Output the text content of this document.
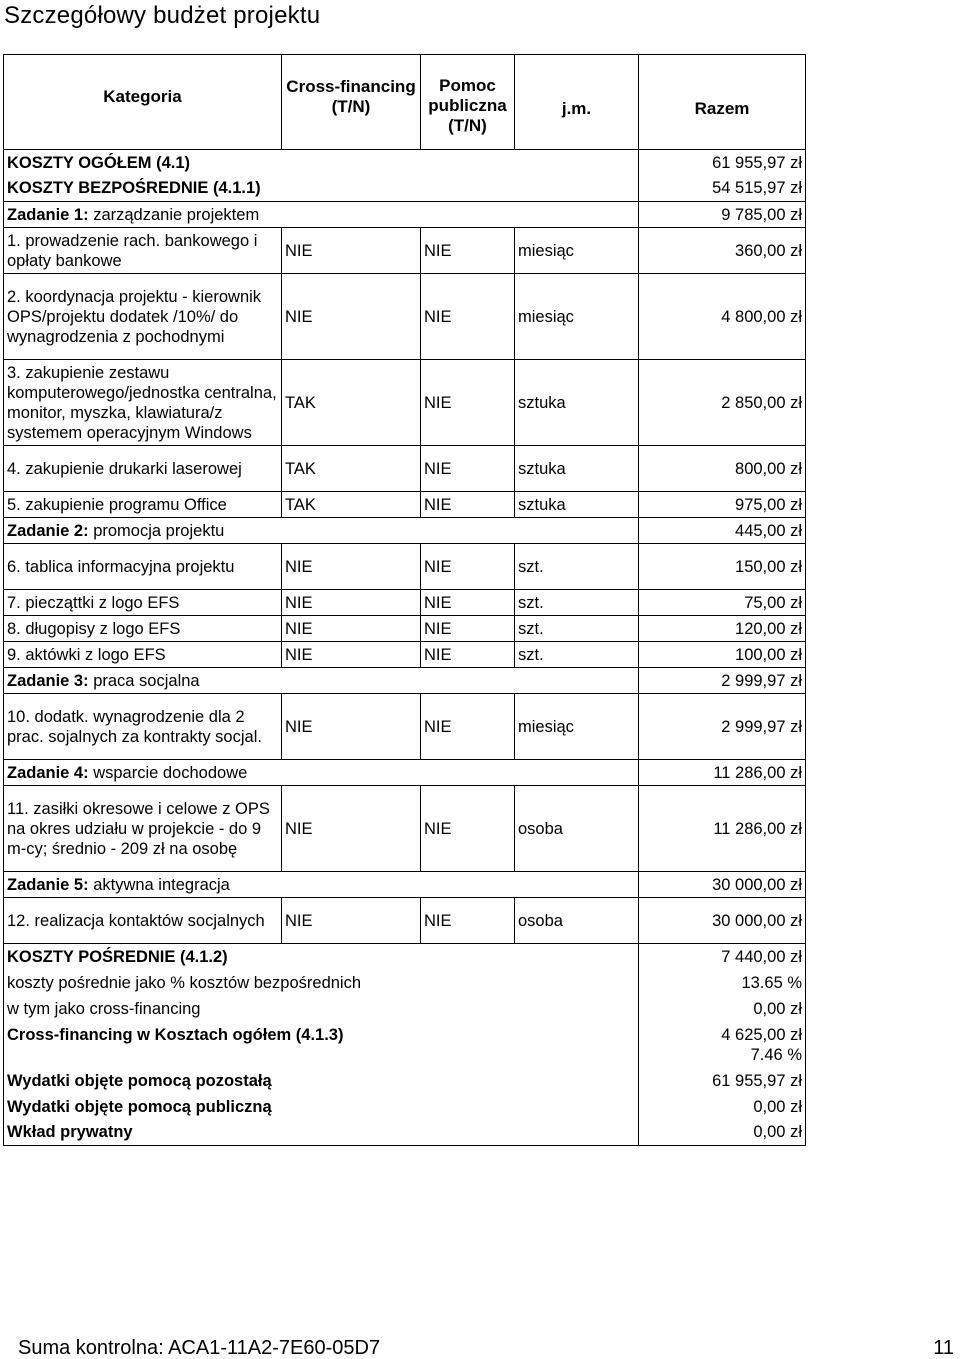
Szczegółowy budżet projektu
Kategoria	Cross-financing (T/N)	Pomoc publiczna (T/N)	j.m.	Razem
KOSZTY OGÓŁEM (4.1)				61 955,97 zł
KOSZTY BEZPOŚREDNIE (4.1.1)				54 515,97 zł
Zadanie 1: zarządzanie projektem				9 785,00 zł
1. prowadzenie rach. bankowego i opłaty bankowe	NIE	NIE	miesiąc	360,00 zł
2. koordynacja projektu - kierownik OPS/projektu dodatek /10%/ do wynagrodzenia z pochodnymi	NIE	NIE	miesiąc	4 800,00 zł
3. zakupienie zestawu komputerowego/jednostka centralna, monitor, myszka, klawiatura/z systemem operacyjnym Windows	TAK	NIE	sztuka	2 850,00 zł
4. zakupienie drukarki laserowej	TAK	NIE	sztuka	800,00 zł
5. zakupienie programu Office	TAK	NIE	sztuka	975,00 zł
Zadanie 2: promocja projektu				445,00 zł
6. tablica informacyjna projektu	NIE	NIE	szt.	150,00 zł
7. piecząttki z logo EFS	NIE	NIE	szt.	75,00 zł
8. długopisy z logo EFS	NIE	NIE	szt.	120,00 zł
9. aktówki z logo EFS	NIE	NIE	szt.	100,00 zł
Zadanie 3: praca socjalna				2 999,97 zł
10. dodatk. wynagrodzenie dla 2 prac. sojalnych za kontrakty socjal.	NIE	NIE	miesiąc	2 999,97 zł
Zadanie 4: wsparcie dochodowe				11 286,00 zł
11. zasiłki okresowe i celowe z OPS na okres udziału w projekcie - do 9 m-cy; średnio - 209 zł na osobę	NIE	NIE	osoba	11 286,00 zł
Zadanie 5: aktywna integracja				30 000,00 zł
12. realizacja kontaktów socjalnych	NIE	NIE	osoba	30 000,00 zł
KOSZTY POŚREDNIE (4.1.2)				7 440,00 zł
koszty pośrednie jako % kosztów bezpośrednich				13.65 %
w tym jako cross-financing				0,00 zł
Cross-financing w Kosztach ogółem (4.1.3)				4 625,00 zł
7.46 %

Wydatki objęte pomocą pozostałą				61 955,97 zł
Wydatki objęte pomocą publiczną				0,00 zł
Wkład prywatny				0,00 zł
Suma kontrolna: ACA1-11A2-7E60-05D7	11
